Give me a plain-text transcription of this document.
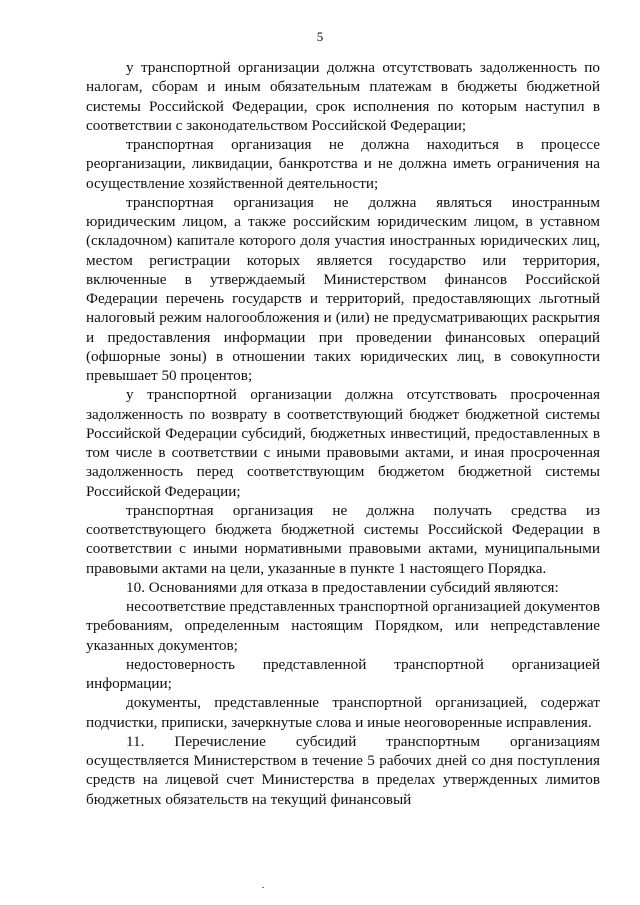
5

у транспортной организации должна отсутствовать задолженность по налогам, сборам и иным обязательным платежам в бюджеты бюджетной системы Российской Федерации, срок исполнения по которым наступил в соответствии с законодательством Российской Федерации;

транспортная организация не должна находиться в процессе реорганизации, ликвидации, банкротства и не должна иметь ограничения на осуществление хозяйственной деятельности;

транспортная организация не должна являться иностранным юридическим лицом, а также российским юридическим лицом, в уставном (складочном) капитале которого доля участия иностранных юридических лиц, местом регистрации которых является государство или территория, включенные в утверждаемый Министерством финансов Российской Федерации перечень государств и территорий, предоставляющих льготный налоговый режим налогообложения и (или) не предусматривающих раскрытия и предоставления информации при проведении финансовых операций (офшорные зоны) в отношении таких юридических лиц, в совокупности превышает 50 процентов;

у транспортной организации должна отсутствовать просроченная задолженность по возврату в соответствующий бюджет бюджетной системы Российской Федерации субсидий, бюджетных инвестиций, предоставленных в том числе в соответствии с иными правовыми актами, и иная просроченная задолженность перед соответствующим бюджетом бюджетной системы Российской Федерации;

транспортная организация не должна получать средства из соответствующего бюджета бюджетной системы Российской Федерации в соответствии с иными нормативными правовыми актами, муниципальными правовыми актами на цели, указанные в пункте 1 настоящего Порядка.

10. Основаниями для отказа в предоставлении субсидий являются:

несоответствие представленных транспортной организацией документов требованиям, определенным настоящим Порядком, или непредставление указанных документов;

недостоверность представленной транспортной организацией информации;

документы, представленные транспортной организацией, содержат подчистки, приписки, зачеркнутые слова и иные неоговоренные исправления.

11. Перечисление субсидий транспортным организациям осуществляется Министерством в течение 5 рабочих дней со дня поступления средств на лицевой счет Министерства в пределах утвержденных лимитов бюджетных обязательств на текущий финансовый
